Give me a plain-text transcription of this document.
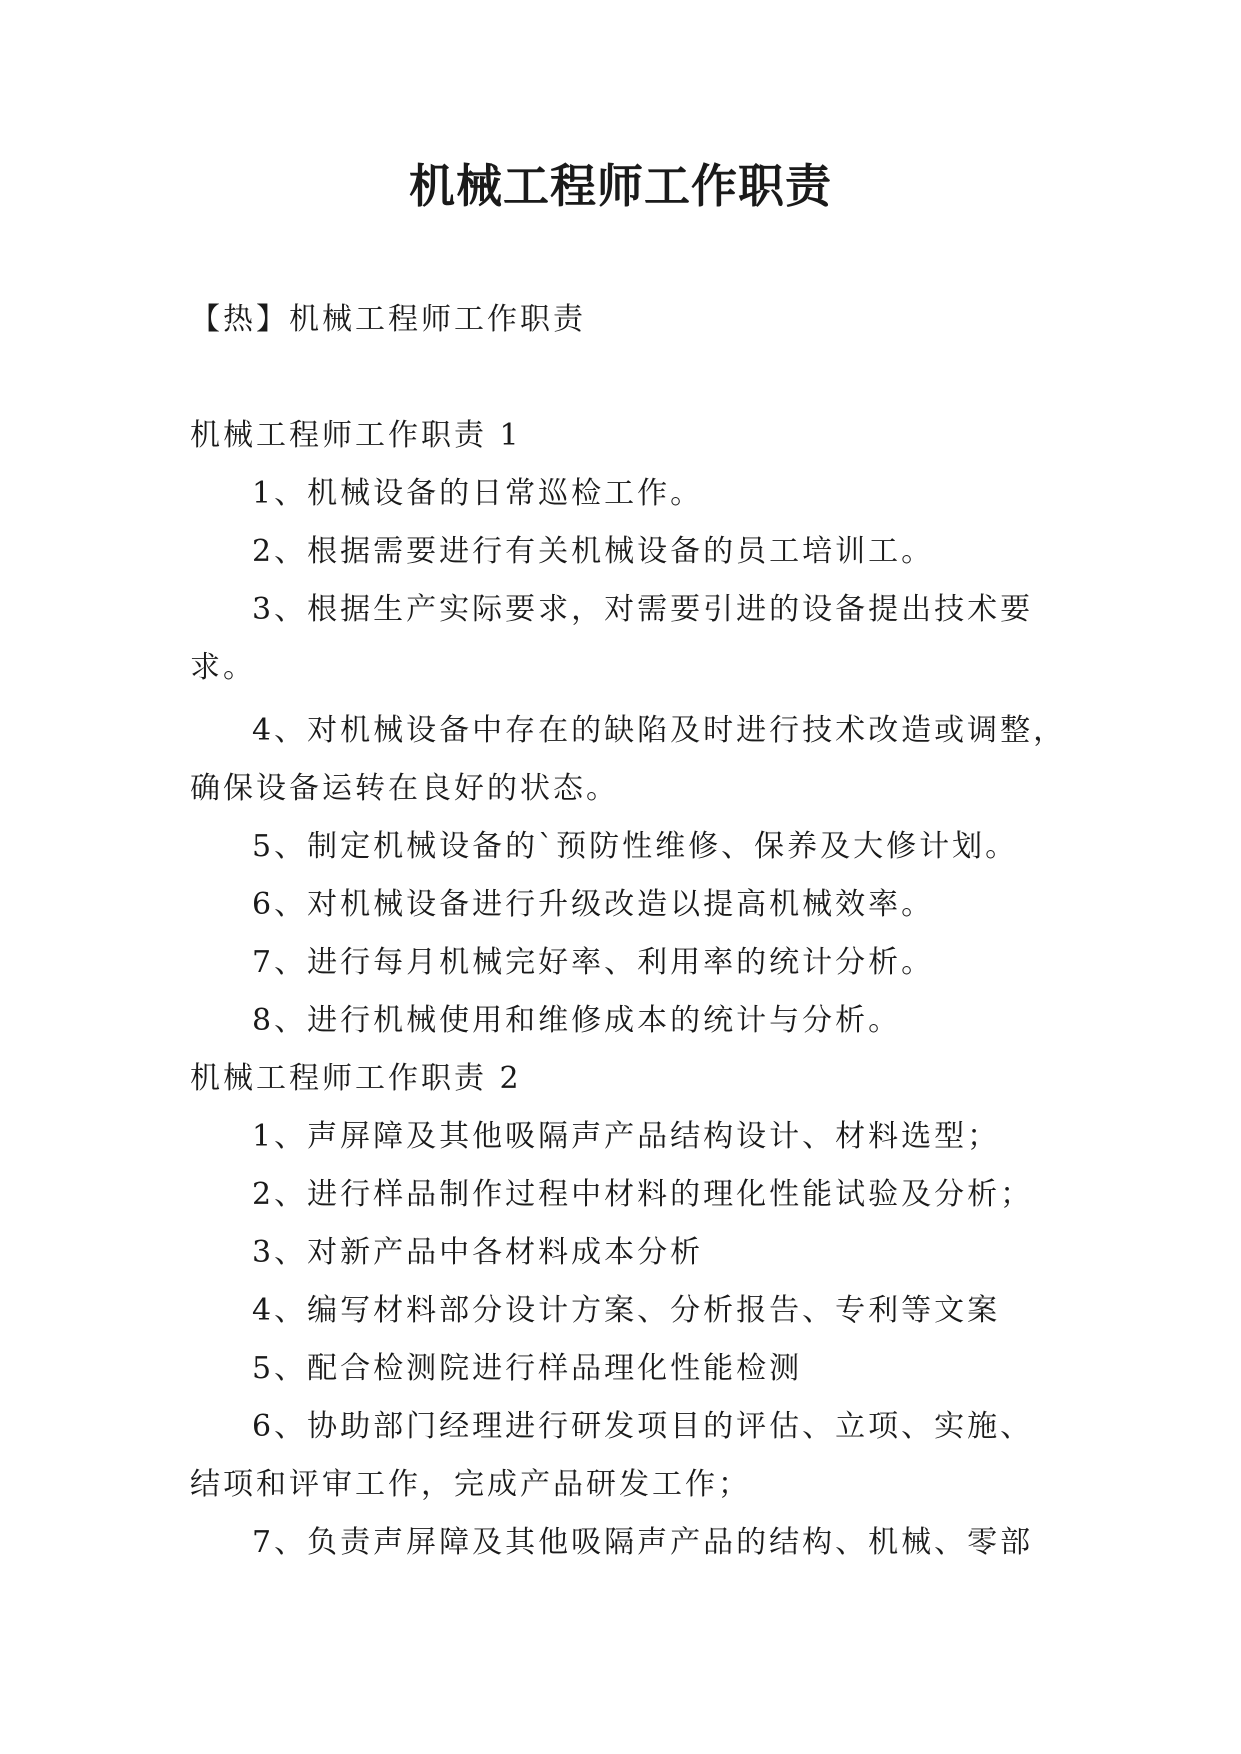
机械工程师工作职责
【热】机械工程师工作职责
机械工程师工作职责 1
1、机械设备的日常巡检工作。
2、根据需要进行有关机械设备的员工培训工。
3、根据生产实际要求，对需要引进的设备提出技术要
求。
4、对机械设备中存在的缺陷及时进行技术改造或调整，
确保设备运转在良好的状态。
5、制定机械设备的`预防性维修、保养及大修计划。
6、对机械设备进行升级改造以提高机械效率。
7、进行每月机械完好率、利用率的统计分析。
8、进行机械使用和维修成本的统计与分析。
机械工程师工作职责 2
1、声屏障及其他吸隔声产品结构设计、材料选型；
2、进行样品制作过程中材料的理化性能试验及分析；
3、对新产品中各材料成本分析
4、编写材料部分设计方案、分析报告、专利等文案
5、配合检测院进行样品理化性能检测
6、协助部门经理进行研发项目的评估、立项、实施、
结项和评审工作，完成产品研发工作；
7、负责声屏障及其他吸隔声产品的结构、机械、零部
